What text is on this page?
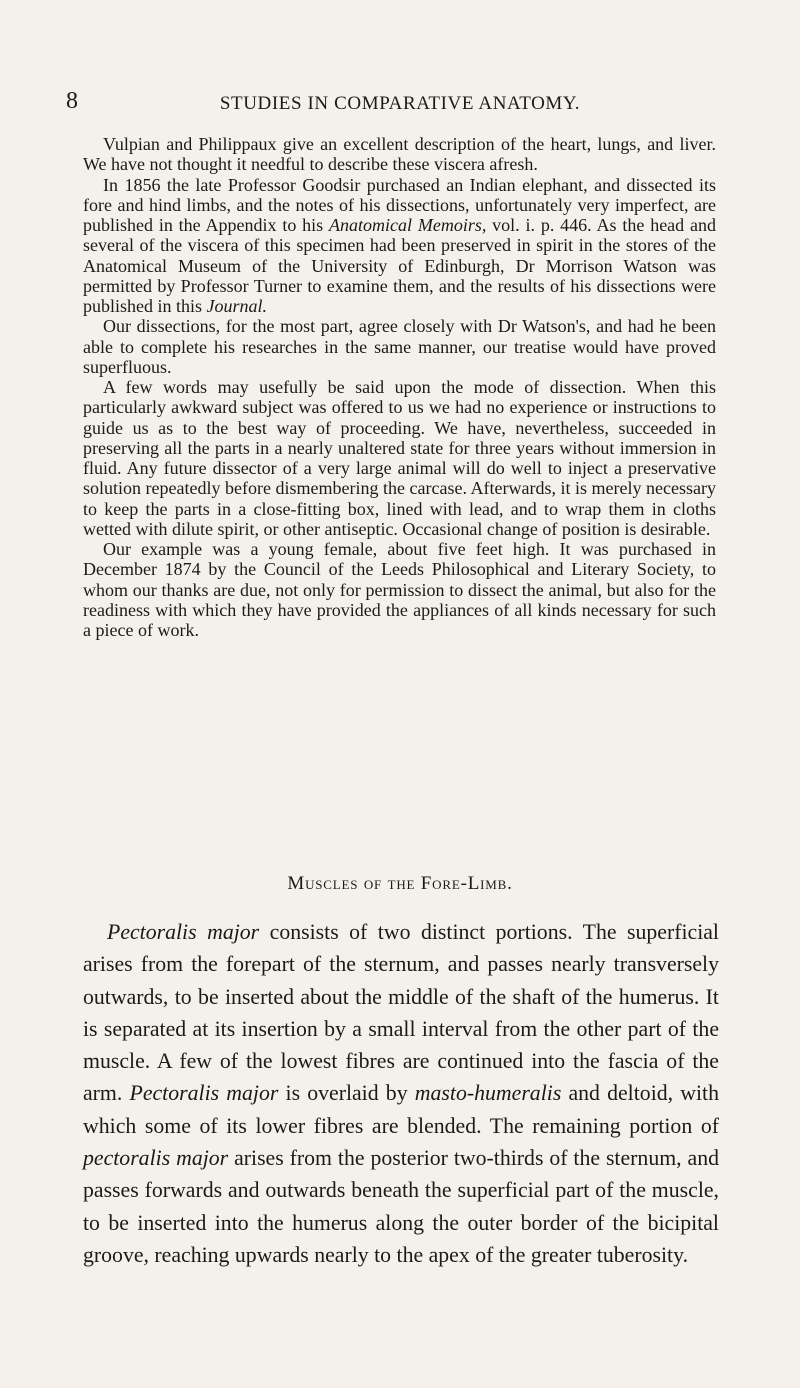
8	STUDIES IN COMPARATIVE ANATOMY.

Vulpian and Philippaux give an excellent description of the heart, lungs, and liver. We have not thought it needful to describe these viscera afresh.

In 1856 the late Professor Goodsir purchased an Indian elephant, and dissected its fore and hind limbs, and the notes of his dissections, unfortunately very imperfect, are published in the Appendix to his Anatomical Memoirs, vol. i. p. 446. As the head and several of the viscera of this specimen had been preserved in spirit in the stores of the Anatomical Museum of the University of Edinburgh, Dr Morrison Watson was permitted by Professor Turner to examine them, and the results of his dissections were published in this Journal.

Our dissections, for the most part, agree closely with Dr Watson's, and had he been able to complete his researches in the same manner, our treatise would have proved superfluous.

A few words may usefully be said upon the mode of dissection. When this particularly awkward subject was offered to us we had no experience or instructions to guide us as to the best way of proceeding. We have, nevertheless, succeeded in preserving all the parts in a nearly unaltered state for three years without immersion in fluid. Any future dissector of a very large animal will do well to inject a preservative solution repeatedly before dismembering the carcase. Afterwards, it is merely necessary to keep the parts in a close-fitting box, lined with lead, and to wrap them in cloths wetted with dilute spirit, or other antiseptic. Occasional change of position is desirable.

Our example was a young female, about five feet high. It was purchased in December 1874 by the Council of the Leeds Philosophical and Literary Society, to whom our thanks are due, not only for permission to dissect the animal, but also for the readiness with which they have provided the appliances of all kinds necessary for such a piece of work.

Muscles of the Fore-Limb.

Pectoralis major consists of two distinct portions. The superficial arises from the forepart of the sternum, and passes nearly transversely outwards, to be inserted about the middle of the shaft of the humerus. It is separated at its insertion by a small interval from the other part of the muscle. A few of the lowest fibres are continued into the fascia of the arm. Pectoralis major is overlaid by masto-humeralis and deltoid, with which some of its lower fibres are blended. The remaining portion of pectoralis major arises from the posterior two-thirds of the sternum, and passes forwards and outwards beneath the superficial part of the muscle, to be inserted into the humerus along the outer border of the bicipital groove, reaching upwards nearly to the apex of the greater tuberosity.
